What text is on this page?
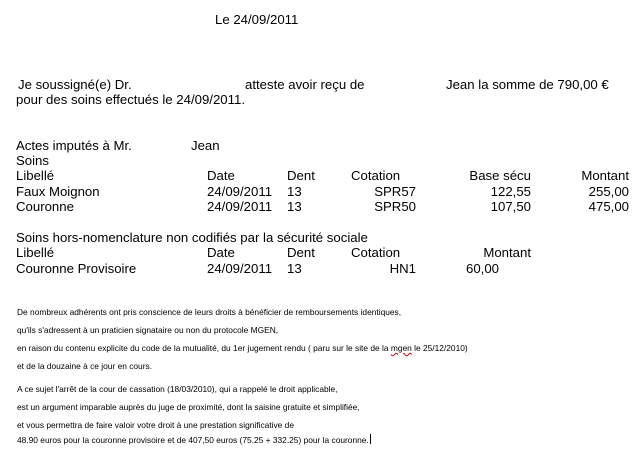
Le 24/09/2011
Je soussigné(e) Dr.	atteste avoir reçu de	Jean la somme de 790,00 €
pour des soins effectués le 24/09/2011.
Actes imputés à Mr.	Jean
Soins
Libellé	Date	Dent	Cotation	Base sécu	Montant
Faux Moignon	24/09/2011 13	SPR57	122,55	255,00
Couronne	24/09/2011 13	SPR50	107,50	475,00
Soins hors-nomenclature non codifiés par la sécurité sociale
Libellé	Date	Dent	Cotation	Montant
Couronne Provisoire	24/09/2011 13	HN1	60,00
De nombreux adhérents ont pris conscience de leurs droits à bénéficier de remboursements identiques,
qu'ils s'adressent à un praticien signataire ou non du protocole MGEN,
en raison du contenu explicite du code de la mutualité, du 1er jugement rendu ( paru sur le site de la mgen le 25/12/2010)
et de la douzaine à ce jour en cours.
A ce sujet l'arrêt de la cour de cassation (18/03/2010), qui a rappelé le droit applicable,
est un argument imparable auprès du juge de proximité, dont la saisine gratuite et simplifiée,
et vous permettra de faire valoir votre droit à une prestation significative de
48.90 euros pour la couronne provisoire et de 407,50 euros (75.25 + 332.25) pour la couronne.
